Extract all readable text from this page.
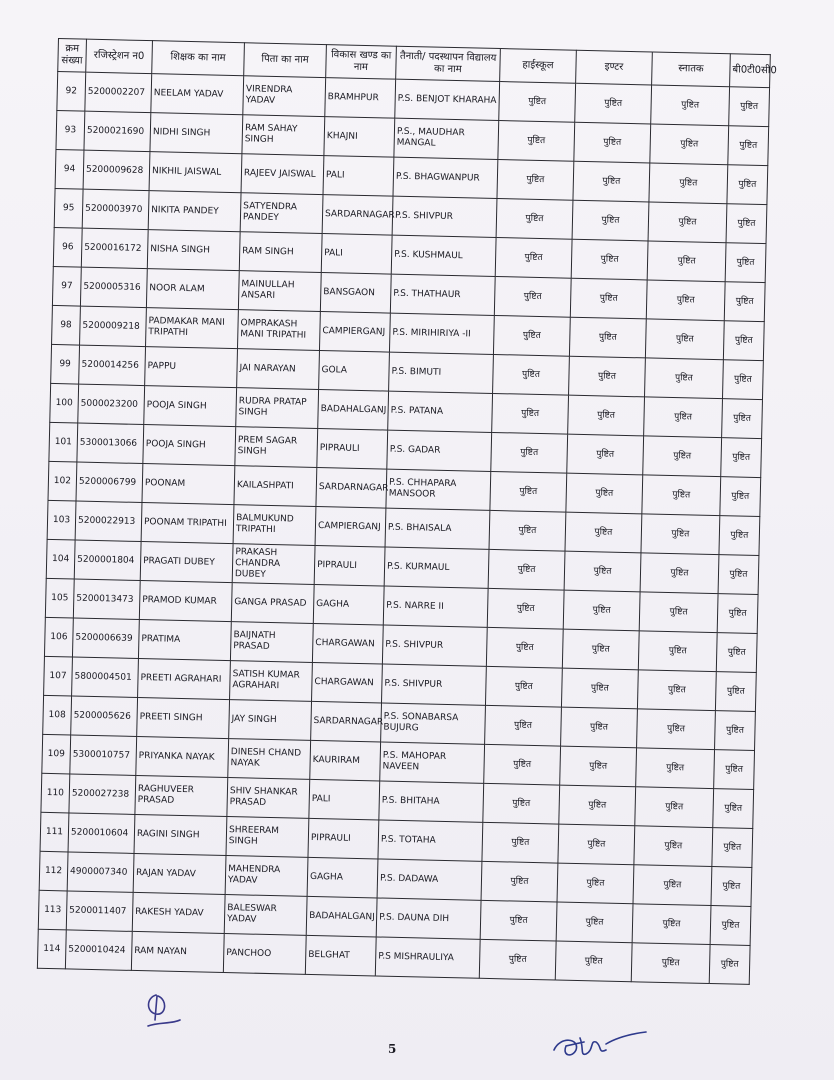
क्रम संख्या	रजिस्ट्रेशन न0	शिक्षक का नाम	पिता का नाम	विकास खण्ड का नाम	तैनाती/ पदस्थापन विद्यालय का नाम	हाईस्कूल	इण्टर	स्नातक	बी0टी0सी0
92	5200002207	NEELAM YADAV	VIRENDRA YADAV	BRAMHPUR	P.S. BENJOT KHARAHA	पुष्टित	पुष्टित	पुष्टित	पुष्टित
93	5200021690	NIDHI SINGH	RAM SAHAY SINGH	KHAJNI	P.S., MAUDHAR MANGAL	पुष्टित	पुष्टित	पुष्टित	पुष्टित
94	5200009628	NIKHIL JAISWAL	RAJEEV JAISWAL	PALI	P.S. BHAGWANPUR	पुष्टित	पुष्टित	पुष्टित	पुष्टित
95	5200003970	NIKITA PANDEY	SATYENDRA PANDEY	SARDARNAGAR	P.S. SHIVPUR	पुष्टित	पुष्टित	पुष्टित	पुष्टित
96	5200016172	NISHA SINGH	RAM SINGH	PALI	P.S. KUSHMAUL	पुष्टित	पुष्टित	पुष्टित	पुष्टित
97	5200005316	NOOR ALAM	MAINULLAH ANSARI	BANSGAON	P.S. THATHAUR	पुष्टित	पुष्टित	पुष्टित	पुष्टित
98	5200009218	PADMAKAR MANI TRIPATHI	OMPRAKASH MANI TRIPATHI	CAMPIERGANJ	P.S. MIRIHIRIYA -II	पुष्टित	पुष्टित	पुष्टित	पुष्टित
99	5200014256	PAPPU	JAI NARAYAN	GOLA	P.S. BIMUTI	पुष्टित	पुष्टित	पुष्टित	पुष्टित
100	5000023200	POOJA SINGH	RUDRA PRATAP SINGH	BADAHALGANJ	P.S. PATANA	पुष्टित	पुष्टित	पुष्टित	पुष्टित
101	5300013066	POOJA SINGH	PREM SAGAR SINGH	PIPRAULI	P.S. GADAR	पुष्टित	पुष्टित	पुष्टित	पुष्टित
102	5200006799	POONAM	KAILASHPATI	SARDARNAGAR	P.S. CHHAPARA MANSOOR	पुष्टित	पुष्टित	पुष्टित	पुष्टित
103	5200022913	POONAM TRIPATHI	BALMUKUND TRIPATHI	CAMPIERGANJ	P.S. BHAISALA	पुष्टित	पुष्टित	पुष्टित	पुष्टित
104	5200001804	PRAGATI DUBEY	PRAKASH CHANDRA DUBEY	PIPRAULI	P.S. KURMAUL	पुष्टित	पुष्टित	पुष्टित	पुष्टित
105	5200013473	PRAMOD KUMAR	GANGA PRASAD	GAGHA	P.S. NARRE II	पुष्टित	पुष्टित	पुष्टित	पुष्टित
106	5200006639	PRATIMA	BAIJNATH PRASAD	CHARGAWAN	P.S. SHIVPUR	पुष्टित	पुष्टित	पुष्टित	पुष्टित
107	5800004501	PREETI AGRAHARI	SATISH KUMAR AGRAHARI	CHARGAWAN	P.S. SHIVPUR	पुष्टित	पुष्टित	पुष्टित	पुष्टित
108	5200005626	PREETI SINGH	JAY SINGH	SARDARNAGAR	P.S. SONABARSA BUJURG	पुष्टित	पुष्टित	पुष्टित	पुष्टित
109	5300010757	PRIYANKA NAYAK	DINESH CHAND NAYAK	KAURIRAM	P.S. MAHOPAR NAVEEN	पुष्टित	पुष्टित	पुष्टित	पुष्टित
110	5200027238	RAGHUVEER PRASAD	SHIV SHANKAR PRASAD	PALI	P.S. BHITAHA	पुष्टित	पुष्टित	पुष्टित	पुष्टित
111	5200010604	RAGINI SINGH	SHREERAM SINGH	PIPRAULI	P.S. TOTAHA	पुष्टित	पुष्टित	पुष्टित	पुष्टित
112	4900007340	RAJAN YADAV	MAHENDRA YADAV	GAGHA	P.S. DADAWA	पुष्टित	पुष्टित	पुष्टित	पुष्टित
113	5200011407	RAKESH YADAV	BALESWAR YADAV	BADAHALGANJ	P.S. DAUNA DIH	पुष्टित	पुष्टित	पुष्टित	पुष्टित
114	5200010424	RAM NAYAN	PANCHOO	BELGHAT	P.S MISHRAULIYA	पुष्टित	पुष्टित	पुष्टित	पुष्टित
5
